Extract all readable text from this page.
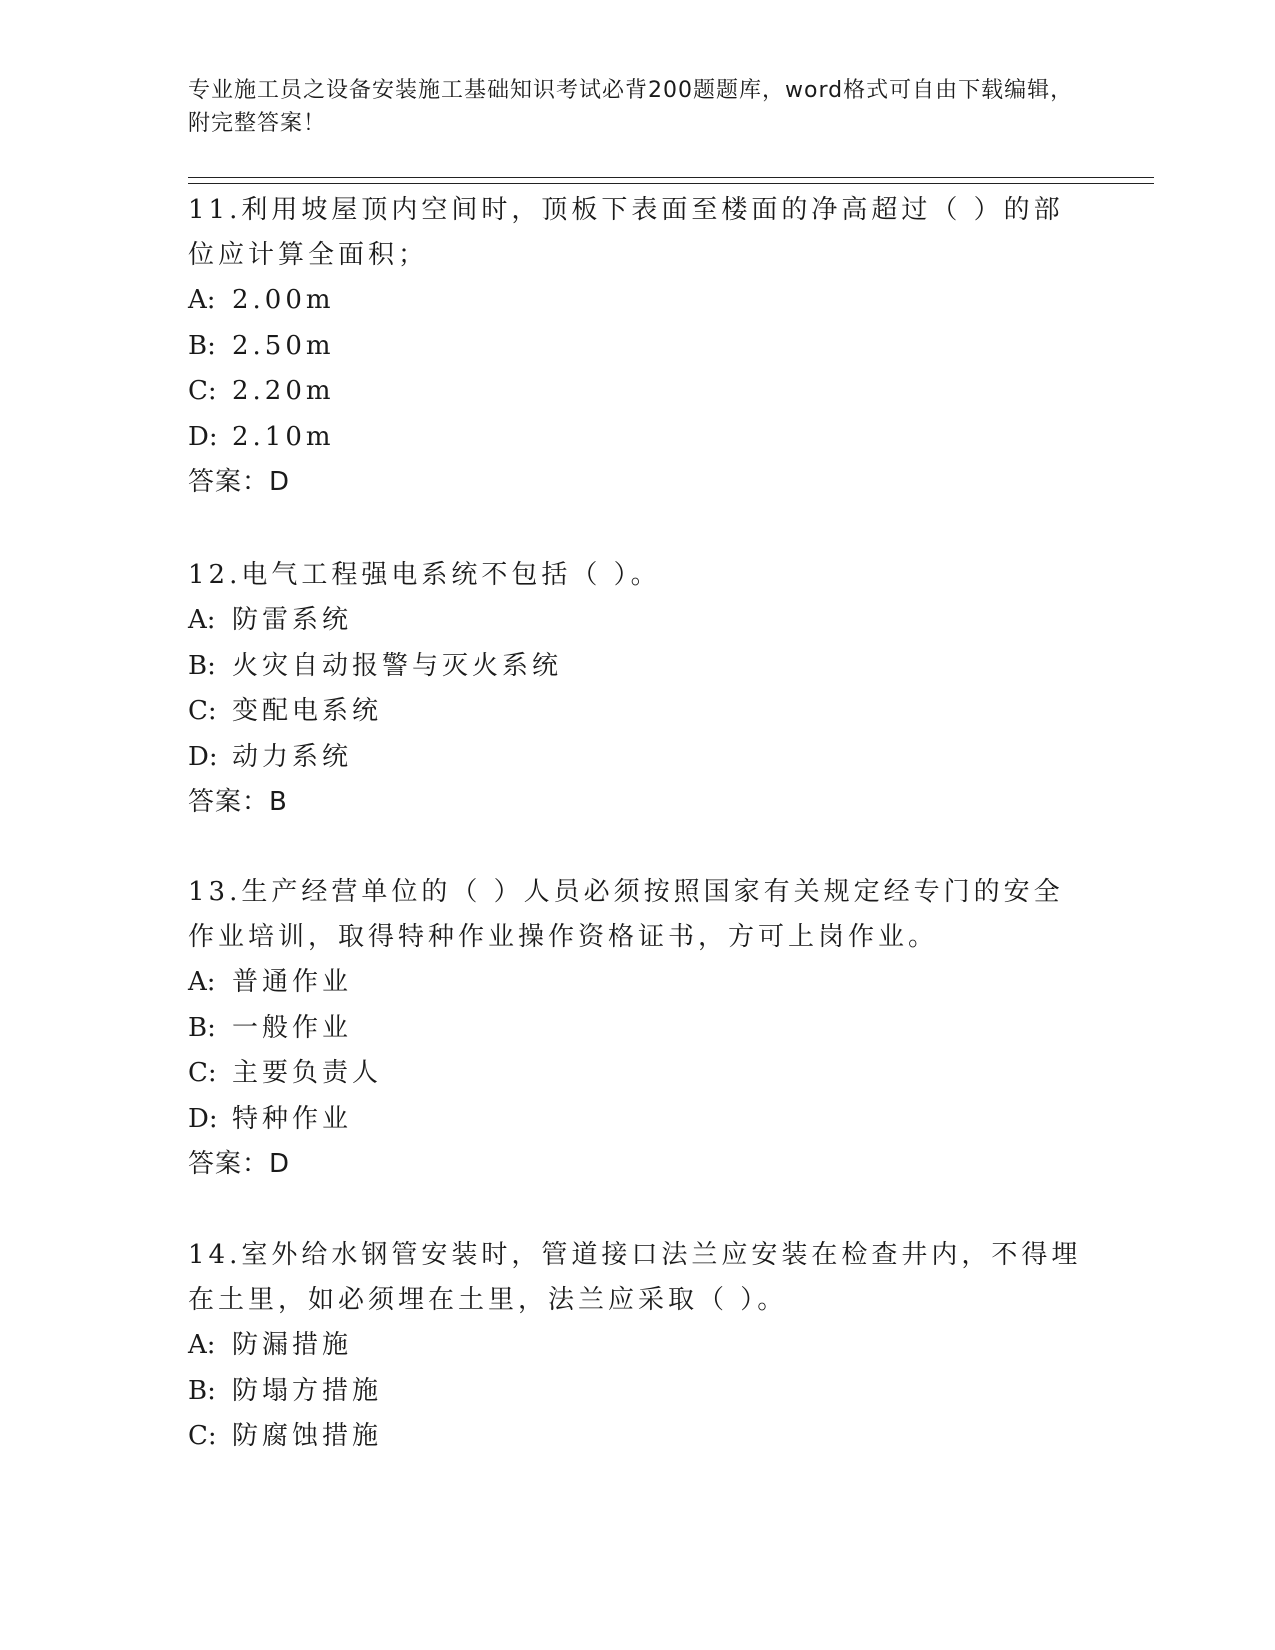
专业施工员之设备安装施工基础知识考试必背200题题库，word格式可自由下载编辑，附完整答案！

11.利用坡屋顶内空间时，顶板下表面至楼面的净高超过（ ）的部位应计算全面积；

A: 2.00m

B: 2.50m

C: 2.20m

D: 2.10m

答案：D

12.电气工程强电系统不包括（ ）。

A: 防雷系统

B: 火灾自动报警与灭火系统

C: 变配电系统

D: 动力系统

答案：B

13.生产经营单位的（ ）人员必须按照国家有关规定经专门的安全作业培训，取得特种作业操作资格证书，方可上岗作业。

A: 普通作业

B: 一般作业

C: 主要负责人

D: 特种作业

答案：D

14.室外给水钢管安装时，管道接口法兰应安装在检查井内，不得埋在土里，如必须埋在土里，法兰应采取（ ）。

A: 防漏措施

B: 防塌方措施

C: 防腐蚀措施
